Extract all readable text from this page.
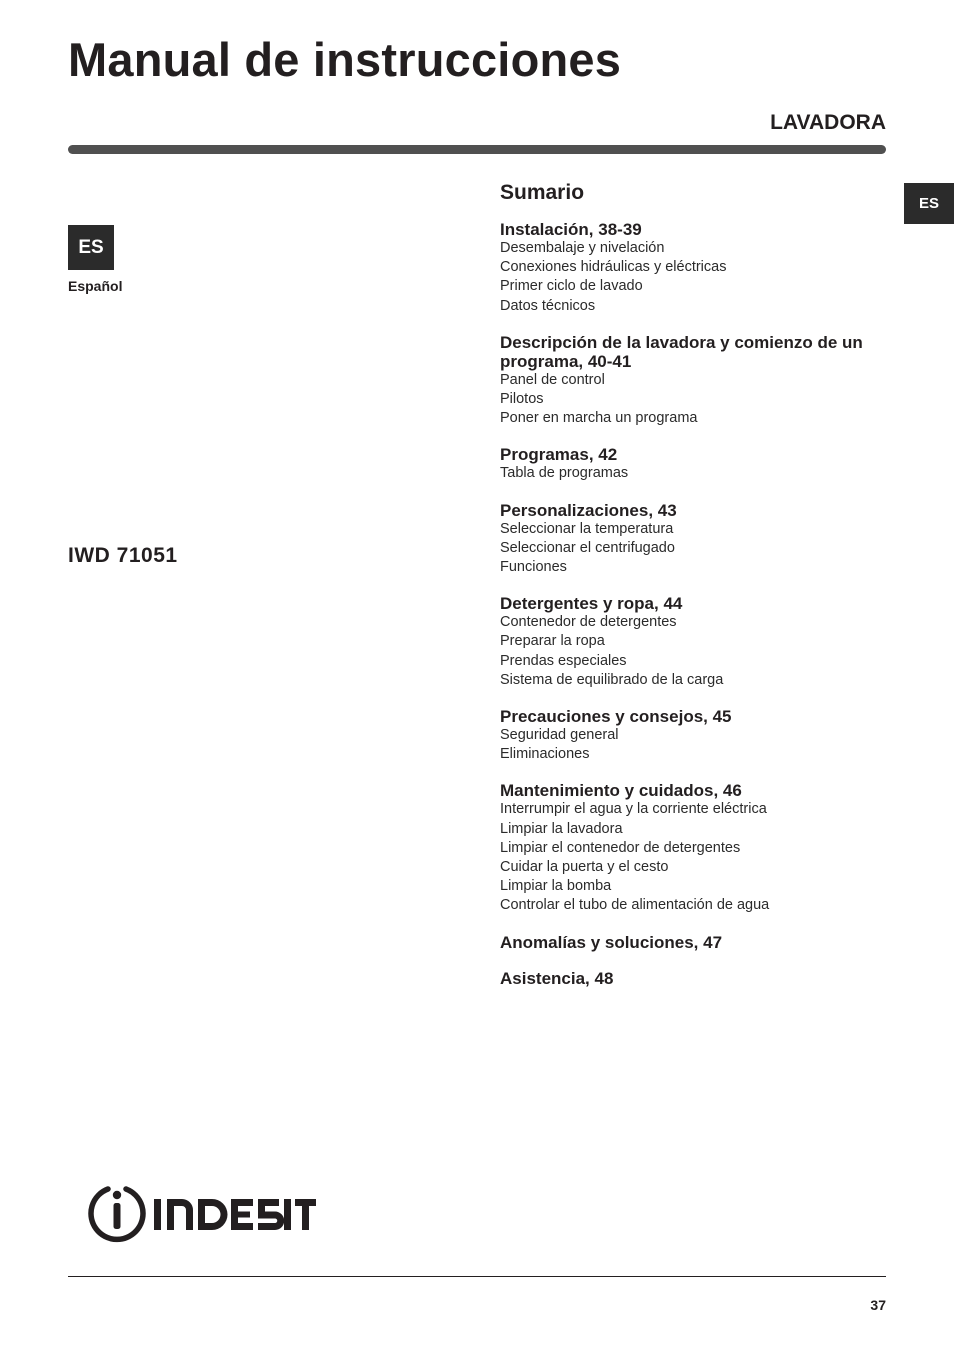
Manual de instrucciones
LAVADORA
ES
ES
Español
IWD 71051
Sumario
Instalación, 38-39
Desembalaje y nivelación
Conexiones hidráulicas y eléctricas
Primer ciclo de lavado
Datos técnicos
Descripción de la lavadora y comienzo de un programa, 40-41
Panel de control
Pilotos
Poner en marcha un programa
Programas, 42
Tabla de programas
Personalizaciones, 43
Seleccionar la temperatura
Seleccionar el centrifugado
Funciones
Detergentes y ropa, 44
Contenedor de detergentes
Preparar la ropa
Prendas especiales
Sistema de equilibrado de la carga
Precauciones y consejos, 45
Seguridad general
Eliminaciones
Mantenimiento y cuidados, 46
Interrumpir el agua y la corriente eléctrica
Limpiar la lavadora
Limpiar el contenedor de detergentes
Cuidar la puerta y el cesto
Limpiar la bomba
Controlar el tubo de alimentación de agua
Anomalías y soluciones, 47
Asistencia, 48
37
